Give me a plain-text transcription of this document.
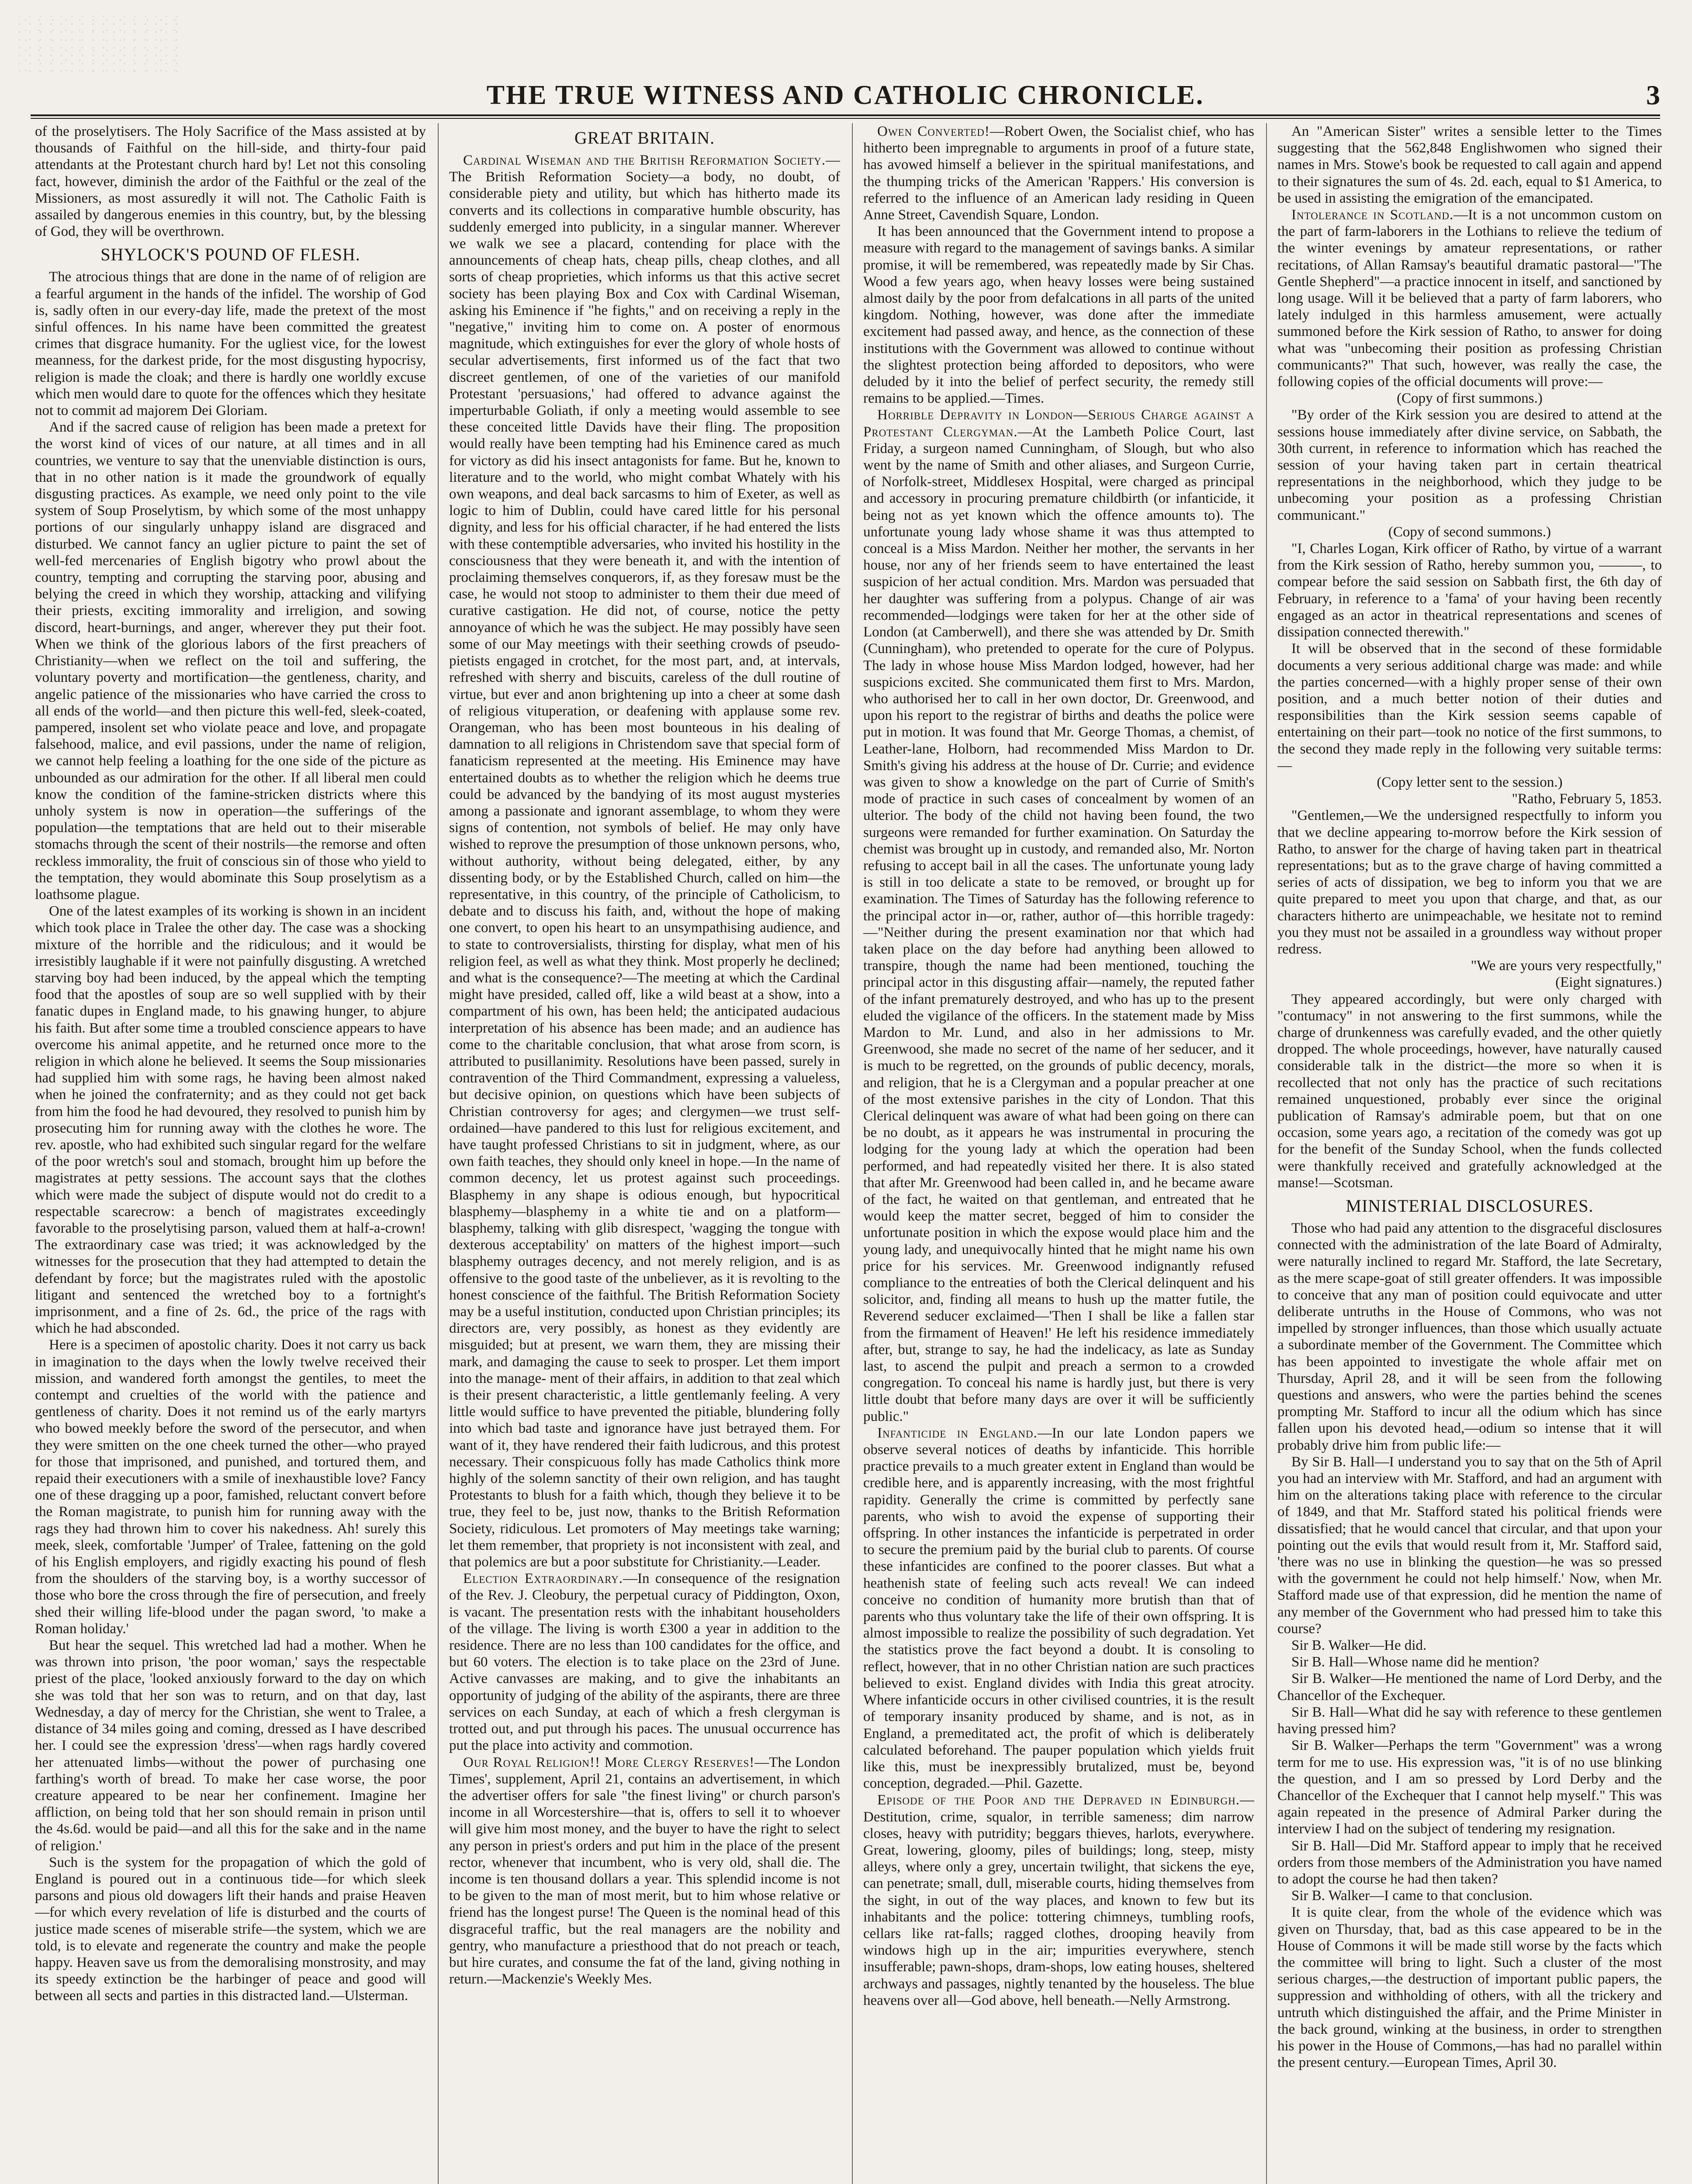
THE TRUE WITNESS AND CATHOLIC CHRONICLE.	3

of the proselytisers. The Holy Sacrifice of the Mass assisted at by thousands of Faithful on the hill-side, and thirty-four paid attendants at the Protestant church hard by! Let not this consoling fact, however, diminish the ardor of the Faithful or the zeal of the Missioners, as most assuredly it will not. The Catholic Faith is assailed by dangerous enemies in this country, but, by the blessing of God, they will be overthrown.

SHYLOCK'S POUND OF FLESH.

The atrocious things that are done in the name of of religion are a fearful argument in the hands of the infidel. The worship of God is, sadly often in our every-day life, made the pretext of the most sinful offences. In his name have been committed the greatest crimes that disgrace humanity. For the ugliest vice, for the lowest meanness, for the darkest pride, for the most disgusting hypocrisy, religion is made the cloak; and there is hardly one worldly excuse which men would dare to quote for the offences which they hesitate not to commit ad majorem Dei Gloriam.

And if the sacred cause of religion has been made a pretext for the worst kind of vices of our nature, at all times and in all countries, we venture to say that the unenviable distinction is ours, that in no other nation is it made the groundwork of equally disgusting practices. As example, we need only point to the vile system of Soup Proselytism, by which some of the most unhappy portions of our singularly unhappy island are disgraced and disturbed. We cannot fancy an uglier picture to paint the set of well-fed mercenaries of English bigotry who prowl about the country, tempting and corrupting the starving poor, abusing and belying the creed in which they worship, attacking and vilifying their priests, exciting immorality and irreligion, and sowing discord, heart-burnings, and anger, wherever they put their foot. When we think of the glorious labors of the first preachers of Christianity—when we reflect on the toil and suffering, the voluntary poverty and mortification—the gentleness, charity, and angelic patience of the missionaries who have carried the cross to all ends of the world—and then picture this well-fed, sleek-coated, pampered, insolent set who violate peace and love, and propagate falsehood, malice, and evil passions, under the name of religion, we cannot help feeling a loathing for the one side of the picture as unbounded as our admiration for the other. If all liberal men could know the condition of the famine-stricken districts where this unholy system is now in operation—the sufferings of the population—the temptations that are held out to their miserable stomachs through the scent of their nostrils—the remorse and often reckless immorality, the fruit of conscious sin of those who yield to the temptation, they would abominate this Soup proselytism as a loathsome plague.

One of the latest examples of its working is shown in an incident which took place in Tralee the other day. The case was a shocking mixture of the horrible and the ridiculous; and it would be irresistibly laughable if it were not painfully disgusting. A wretched starving boy had been induced, by the appeal which the tempting food that the apostles of soup are so well supplied with by their fanatic dupes in England made, to his gnawing hunger, to abjure his faith. But after some time a troubled conscience appears to have overcome his animal appetite, and he returned once more to the religion in which alone he believed. It seems the Soup missionaries had supplied him with some rags, he having been almost naked when he joined the confraternity; and as they could not get back from him the food he had devoured, they resolved to punish him by prosecuting him for running away with the clothes he wore. The rev. apostle, who had exhibited such singular regard for the welfare of the poor wretch's soul and stomach, brought him up before the magistrates at petty sessions. The account says that the clothes which were made the subject of dispute would not do credit to a respectable scarecrow: a bench of magistrates exceedingly favorable to the proselytising parson, valued them at half-a-crown! The extraordinary case was tried; it was acknowledged by the witnesses for the prosecution that they had attempted to detain the defendant by force; but the magistrates ruled with the apostolic litigant and sentenced the wretched boy to a fortnight's imprisonment, and a fine of 2s. 6d., the price of the rags with which he had absconded.

Here is a specimen of apostolic charity. Does it not carry us back in imagination to the days when the lowly twelve received their mission, and wandered forth amongst the gentiles, to meet the contempt and cruelties of the world with the patience and gentleness of charity. Does it not remind us of the early martyrs who bowed meekly before the sword of the persecutor, and when they were smitten on the one cheek turned the other—who prayed for those that imprisoned, and punished, and tortured them, and repaid their executioners with a smile of inexhaustible love? Fancy one of these dragging up a poor, famished, reluctant convert before the Roman magistrate, to punish him for running away with the rags they had thrown him to cover his nakedness. Ah! surely this meek, sleek, comfortable 'Jumper' of Tralee, fattening on the gold of his English employers, and rigidly exacting his pound of flesh from the shoulders of the starving boy, is a worthy successor of those who bore the cross through the fire of persecution, and freely shed their willing life-blood under the pagan sword, 'to make a Roman holiday.'

But hear the sequel. This wretched lad had a mother. When he was thrown into prison, 'the poor woman,' says the respectable priest of the place, 'looked anxiously forward to the day on which she was told that her son was to return, and on that day, last Wednesday, a day of mercy for the Christian, she went to Tralee, a distance of 34 miles going and coming, dressed as I have described her. I could see the expression 'dress'—when rags hardly covered her attenuated limbs—without the power of purchasing one farthing's worth of bread. To make her case worse, the poor creature appeared to be near her confinement. Imagine her affliction, on being told that her son should remain in prison until the 4s.6d. would be paid—and all this for the sake and in the name of religion.'

Such is the system for the propagation of which the gold of England is poured out in a continuous tide—for which sleek parsons and pious old dowagers lift their hands and praise Heaven—for which every revelation of life is disturbed and the courts of justice made scenes of miserable strife—the system, which we are told, is to elevate and regenerate the country and make the people happy. Heaven save us from the demoralising monstrosity, and may its speedy extinction be the harbinger of peace and good will between all sects and parties in this distracted land.—Ulsterman.

GREAT BRITAIN.

Cardinal Wiseman and the British Reformation Society.—The British Reformation Society—a body, no doubt, of considerable piety and utility, but which has hitherto made its converts and its collections in comparative humble obscurity, has suddenly emerged into publicity, in a singular manner. Wherever we walk we see a placard, contending for place with the announcements of cheap hats, cheap pills, cheap clothes, and all sorts of cheap proprieties, which informs us that this active secret society has been playing Box and Cox with Cardinal Wiseman, asking his Eminence if "he fights," and on receiving a reply in the "negative," inviting him to come on. A poster of enormous magnitude, which extinguishes for ever the glory of whole hosts of secular advertisements, first informed us of the fact that two discreet gentlemen, of one of the varieties of our manifold Protestant 'persuasions,' had offered to advance against the imperturbable Goliath, if only a meeting would assemble to see these conceited little Davids have their fling. The proposition would really have been tempting had his Eminence cared as much for victory as did his insect antagonists for fame. But he, known to literature and to the world, who might combat Whately with his own weapons, and deal back sarcasms to him of Exeter, as well as logic to him of Dublin, could have cared little for his personal dignity, and less for his official character, if he had entered the lists with these contemptible adversaries, who invited his hostility in the consciousness that they were beneath it, and with the intention of proclaiming themselves conquerors, if, as they foresaw must be the case, he would not stoop to administer to them their due meed of curative castigation. He did not, of course, notice the petty annoyance of which he was the subject. He may possibly have seen some of our May meetings with their seething crowds of pseudo-pietists engaged in crotchet, for the most part, and, at intervals, refreshed with sherry and biscuits, careless of the dull routine of virtue, but ever and anon brightening up into a cheer at some dash of religious vituperation, or deafening with applause some rev. Orangeman, who has been most bounteous in his dealing of damnation to all religions in Christendom save that special form of fanaticism represented at the meeting. His Eminence may have entertained doubts as to whether the religion which he deems true could be advanced by the bandying of its most august mysteries among a passionate and ignorant assemblage, to whom they were signs of contention, not symbols of belief. He may only have wished to reprove the presumption of those unknown persons, who, without authority, without being delegated, either, by any dissenting body, or by the Established Church, called on him—the representative, in this country, of the principle of Catholicism, to debate and to discuss his faith, and, without the hope of making one convert, to open his heart to an unsympathising audience, and to state to controversialists, thirsting for display, what men of his religion feel, as well as what they think. Most properly he declined; and what is the consequence?—The meeting at which the Cardinal might have presided, called off, like a wild beast at a show, into a compartment of his own, has been held; the anticipated audacious interpretation of his absence has been made; and an audience has come to the charitable conclusion, that what arose from scorn, is attributed to pusillanimity. Resolutions have been passed, surely in contravention of the Third Commandment, expressing a valueless, but decisive opinion, on questions which have been subjects of Christian controversy for ages; and clergymen—we trust self-ordained—have pandered to this lust for religious excitement, and have taught professed Christians to sit in judgment, where, as our own faith teaches, they should only kneel in hope.—In the name of common decency, let us protest against such proceedings. Blasphemy in any shape is odious enough, but hypocritical blasphemy—blasphemy in a white tie and on a platform—blasphemy, talking with glib disrespect, 'wagging the tongue with dexterous acceptability' on matters of the highest import—such blasphemy outrages decency, and not merely religion, and is as offensive to the good taste of the unbeliever, as it is revolting to the honest conscience of the faithful. The British Reformation Society may be a useful institution, conducted upon Christian principles; its directors are, very possibly, as honest as they evidently are misguided; but at present, we warn them, they are missing their mark, and damaging the cause to seek to prosper. Let them import into the manage- ment of their affairs, in addition to that zeal which is their present characteristic, a little gentlemanly feeling. A very little would suffice to have prevented the pitiable, blundering folly into which bad taste and ignorance have just betrayed them. For want of it, they have rendered their faith ludicrous, and this protest necessary. Their conspicuous folly has made Catholics think more highly of the solemn sanctity of their own religion, and has taught Protestants to blush for a faith which, though they believe it to be true, they feel to be, just now, thanks to the British Reformation Society, ridiculous. Let promoters of May meetings take warning; let them remember, that propriety is not inconsistent with zeal, and that polemics are but a poor substitute for Christianity.—Leader.

Election Extraordinary.—In consequence of the resignation of the Rev. J. Cleobury, the perpetual curacy of Piddington, Oxon, is vacant. The presentation rests with the inhabitant householders of the village. The living is worth £300 a year in addition to the residence. There are no less than 100 candidates for the office, and but 60 voters. The election is to take place on the 23rd of June. Active canvasses are making, and to give the inhabitants an opportunity of judging of the ability of the aspirants, there are three services on each Sunday, at each of which a fresh clergyman is trotted out, and put through his paces. The unusual occurrence has put the place into activity and commotion.

Our Royal Religion!! More Clergy Reserves!—The London Times', supplement, April 21, contains an advertisement, in which the advertiser offers for sale "the finest living" or church parson's income in all Worcestershire—that is, offers to sell it to whoever will give him most money, and the buyer to have the right to select any person in priest's orders and put him in the place of the present rector, whenever that incumbent, who is very old, shall die. The income is ten thousand dollars a year. This splendid income is not to be given to the man of most merit, but to him whose relative or friend has the longest purse! The Queen is the nominal head of this disgraceful traffic, but the real managers are the nobility and gentry, who manufacture a priesthood that do not preach or teach, but hire curates, and consume the fat of the land, giving nothing in return.—Mackenzie's Weekly Mes.

Owen Converted!—Robert Owen, the Socialist chief, who has hitherto been impregnable to arguments in proof of a future state, has avowed himself a believer in the spiritual manifestations, and the thumping tricks of the American 'Rappers.' His conversion is referred to the influence of an American lady residing in Queen Anne Street, Cavendish Square, London.

It has been announced that the Government intend to propose a measure with regard to the management of savings banks. A similar promise, it will be remembered, was repeatedly made by Sir Chas. Wood a few years ago, when heavy losses were being sustained almost daily by the poor from defalcations in all parts of the united kingdom. Nothing, however, was done after the immediate excitement had passed away, and hence, as the connection of these institutions with the Government was allowed to continue without the slightest protection being afforded to depositors, who were deluded by it into the belief of perfect security, the remedy still remains to be applied.—Times.

Horrible Depravity in London—Serious Charge against a Protestant Clergyman.—At the Lambeth Police Court, last Friday, a surgeon named Cunningham, of Slough, but who also went by the name of Smith and other aliases, and Surgeon Currie, of Norfolk-street, Middlesex Hospital, were charged as principal and accessory in procuring premature childbirth (or infanticide, it being not as yet known which the offence amounts to). The unfortunate young lady whose shame it was thus attempted to conceal is a Miss Mardon. Neither her mother, the servants in her house, nor any of her friends seem to have entertained the least suspicion of her actual condition. Mrs. Mardon was persuaded that her daughter was suffering from a polypus. Change of air was recommended—lodgings were taken for her at the other side of London (at Camberwell), and there she was attended by Dr. Smith (Cunningham), who pretended to operate for the cure of Polypus. The lady in whose house Miss Mardon lodged, however, had her suspicions excited. She communicated them first to Mrs. Mardon, who authorised her to call in her own doctor, Dr. Greenwood, and upon his report to the registrar of births and deaths the police were put in motion. It was found that Mr. George Thomas, a chemist, of Leather-lane, Holborn, had recommended Miss Mardon to Dr. Smith's giving his address at the house of Dr. Currie; and evidence was given to show a knowledge on the part of Currie of Smith's mode of practice in such cases of concealment by women of an ulterior. The body of the child not having been found, the two surgeons were remanded for further examination. On Saturday the chemist was brought up in custody, and remanded also, Mr. Norton refusing to accept bail in all the cases. The unfortunate young lady is still in too delicate a state to be removed, or brought up for examination. The Times of Saturday has the following reference to the principal actor in—or, rather, author of—this horrible tragedy:—"Neither during the present examination nor that which had taken place on the day before had anything been allowed to transpire, though the name had been mentioned, touching the principal actor in this disgusting affair—namely, the reputed father of the infant prematurely destroyed, and who has up to the present eluded the vigilance of the officers. In the statement made by Miss Mardon to Mr. Lund, and also in her admissions to Mr. Greenwood, she made no secret of the name of her seducer, and it is much to be regretted, on the grounds of public decency, morals, and religion, that he is a Clergyman and a popular preacher at one of the most extensive parishes in the city of London. That this Clerical delinquent was aware of what had been going on there can be no doubt, as it appears he was instrumental in procuring the lodging for the young lady at which the operation had been performed, and had repeatedly visited her there. It is also stated that after Mr. Greenwood had been called in, and he became aware of the fact, he waited on that gentleman, and entreated that he would keep the matter secret, begged of him to consider the unfortunate position in which the expose would place him and the young lady, and unequivocally hinted that he might name his own price for his services. Mr. Greenwood indignantly refused compliance to the entreaties of both the Clerical delinquent and his solicitor, and, finding all means to hush up the matter futile, the Reverend seducer exclaimed—'Then I shall be like a fallen star from the firmament of Heaven!' He left his residence immediately after, but, strange to say, he had the indelicacy, as late as Sunday last, to ascend the pulpit and preach a sermon to a crowded congregation. To conceal his name is hardly just, but there is very little doubt that before many days are over it will be sufficiently public."

Infanticide in England.—In our late London papers we observe several notices of deaths by infanticide. This horrible practice prevails to a much greater extent in England than would be credible here, and is apparently increasing, with the most frightful rapidity. Generally the crime is committed by perfectly sane parents, who wish to avoid the expense of supporting their offspring. In other instances the infanticide is perpetrated in order to secure the premium paid by the burial club to parents. Of course these infanticides are confined to the poorer classes. But what a heathenish state of feeling such acts reveal! We can indeed conceive no condition of humanity more brutish than that of parents who thus voluntary take the life of their own offspring. It is almost impossible to realize the possibility of such degradation. Yet the statistics prove the fact beyond a doubt. It is consoling to reflect, however, that in no other Christian nation are such practices believed to exist. England divides with India this great atrocity. Where infanticide occurs in other civilised countries, it is the result of temporary insanity produced by shame, and is not, as in England, a premeditated act, the profit of which is deliberately calculated beforehand. The pauper population which yields fruit like this, must be inexpressibly brutalized, must be, beyond conception, degraded.—Phil. Gazette.

Episode of the Poor and the Depraved in Edinburgh.—Destitution, crime, squalor, in terrible sameness; dim narrow closes, heavy with putridity; beggars thieves, harlots, everywhere. Great, lowering, gloomy, piles of buildings; long, steep, misty alleys, where only a grey, uncertain twilight, that sickens the eye, can penetrate; small, dull, miserable courts, hiding themselves from the sight, in out of the way places, and known to few but its inhabitants and the police: tottering chimneys, tumbling roofs, cellars like rat-falls; ragged clothes, drooping heavily from windows high up in the air; impurities everywhere, stench insufferable; pawn-shops, dram-shops, low eating houses, sheltered archways and passages, nightly tenanted by the houseless. The blue heavens over all—God above, hell beneath.—Nelly Armstrong.

An "American Sister" writes a sensible letter to the Times suggesting that the 562,848 Englishwomen who signed their names in Mrs. Stowe's book be requested to call again and append to their signatures the sum of 4s. 2d. each, equal to $1 America, to be used in assisting the emigration of the emancipated.

Intolerance in Scotland.—It is a not uncommon custom on the part of farm-laborers in the Lothians to relieve the tedium of the winter evenings by amateur representations, or rather recitations, of Allan Ramsay's beautiful dramatic pastoral—"The Gentle Shepherd"—a practice innocent in itself, and sanctioned by long usage. Will it be believed that a party of farm laborers, who lately indulged in this harmless amusement, were actually summoned before the Kirk session of Ratho, to answer for doing what was "unbecoming their position as professing Christian communicants?" That such, however, was really the case, the following copies of the official documents will prove:—

(Copy of first summons.)

"By order of the Kirk session you are desired to attend at the sessions house immediately after divine service, on Sabbath, the 30th current, in reference to information which has reached the session of your having taken part in certain theatrical representations in the neighborhood, which they judge to be unbecoming your position as a professing Christian communicant."

(Copy of second summons.)

"I, Charles Logan, Kirk officer of Ratho, by virtue of a warrant from the Kirk session of Ratho, hereby summon you, ———, to compear before the said session on Sabbath first, the 6th day of February, in reference to a 'fama' of your having been recently engaged as an actor in theatrical representations and scenes of dissipation connected therewith."

It will be observed that in the second of these formidable documents a very serious additional charge was made: and while the parties concerned—with a highly proper sense of their own position, and a much better notion of their duties and responsibilities than the Kirk session seems capable of entertaining on their part—took no notice of the first summons, to the second they made reply in the following very suitable terms:—

(Copy letter sent to the session.)

"Ratho, February 5, 1853.

"Gentlemen,—We the undersigned respectfully to inform you that we decline appearing to-morrow before the Kirk session of Ratho, to answer for the charge of having taken part in theatrical representations; but as to the grave charge of having committed a series of acts of dissipation, we beg to inform you that we are quite prepared to meet you upon that charge, and that, as our characters hitherto are unimpeachable, we hesitate not to remind you they must not be assailed in a groundless way without proper redress.

"We are yours very respectfully,"

(Eight signatures.)

They appeared accordingly, but were only charged with "contumacy" in not answering to the first summons, while the charge of drunkenness was carefully evaded, and the other quietly dropped. The whole proceedings, however, have naturally caused considerable talk in the district—the more so when it is recollected that not only has the practice of such recitations remained unquestioned, probably ever since the original publication of Ramsay's admirable poem, but that on one occasion, some years ago, a recitation of the comedy was got up for the benefit of the Sunday School, when the funds collected were thankfully received and gratefully acknowledged at the manse!—Scotsman.

MINISTERIAL DISCLOSURES.

Those who had paid any attention to the disgraceful disclosures connected with the administration of the late Board of Admiralty, were naturally inclined to regard Mr. Stafford, the late Secretary, as the mere scape-goat of still greater offenders. It was impossible to conceive that any man of position could equivocate and utter deliberate untruths in the House of Commons, who was not impelled by stronger influences, than those which usually actuate a subordinate member of the Government. The Committee which has been appointed to investigate the whole affair met on Thursday, April 28, and it will be seen from the following questions and answers, who were the parties behind the scenes prompting Mr. Stafford to incur all the odium which has since fallen upon his devoted head,—odium so intense that it will probably drive him from public life:—

By Sir B. Hall—I understand you to say that on the 5th of April you had an interview with Mr. Stafford, and had an argument with him on the alterations taking place with reference to the circular of 1849, and that Mr. Stafford stated his political friends were dissatisfied; that he would cancel that circular, and that upon your pointing out the evils that would result from it, Mr. Stafford said, 'there was no use in blinking the question—he was so pressed with the government he could not help himself.' Now, when Mr. Stafford made use of that expression, did he mention the name of any member of the Government who had pressed him to take this course?

Sir B. Walker—He did.

Sir B. Hall—Whose name did he mention?

Sir B. Walker—He mentioned the name of Lord Derby, and the Chancellor of the Exchequer.

Sir B. Hall—What did he say with reference to these gentlemen having pressed him?

Sir B. Walker—Perhaps the term "Government" was a wrong term for me to use. His expression was, "it is of no use blinking the question, and I am so pressed by Lord Derby and the Chancellor of the Exchequer that I cannot help myself." This was again repeated in the presence of Admiral Parker during the interview I had on the subject of tendering my resignation.

Sir B. Hall—Did Mr. Stafford appear to imply that he received orders from those members of the Administration you have named to adopt the course he had then taken?

Sir B. Walker—I came to that conclusion.

It is quite clear, from the whole of the evidence which was given on Thursday, that, bad as this case appeared to be in the House of Commons it will be made still worse by the facts which the committee will bring to light. Such a cluster of the most serious charges,—the destruction of important public papers, the suppression and withholding of others, with all the trickery and untruth which distinguished the affair, and the Prime Minister in the back ground, winking at the business, in order to strengthen his power in the House of Commons,—has had no parallel within the present century.—European Times, April 30.
